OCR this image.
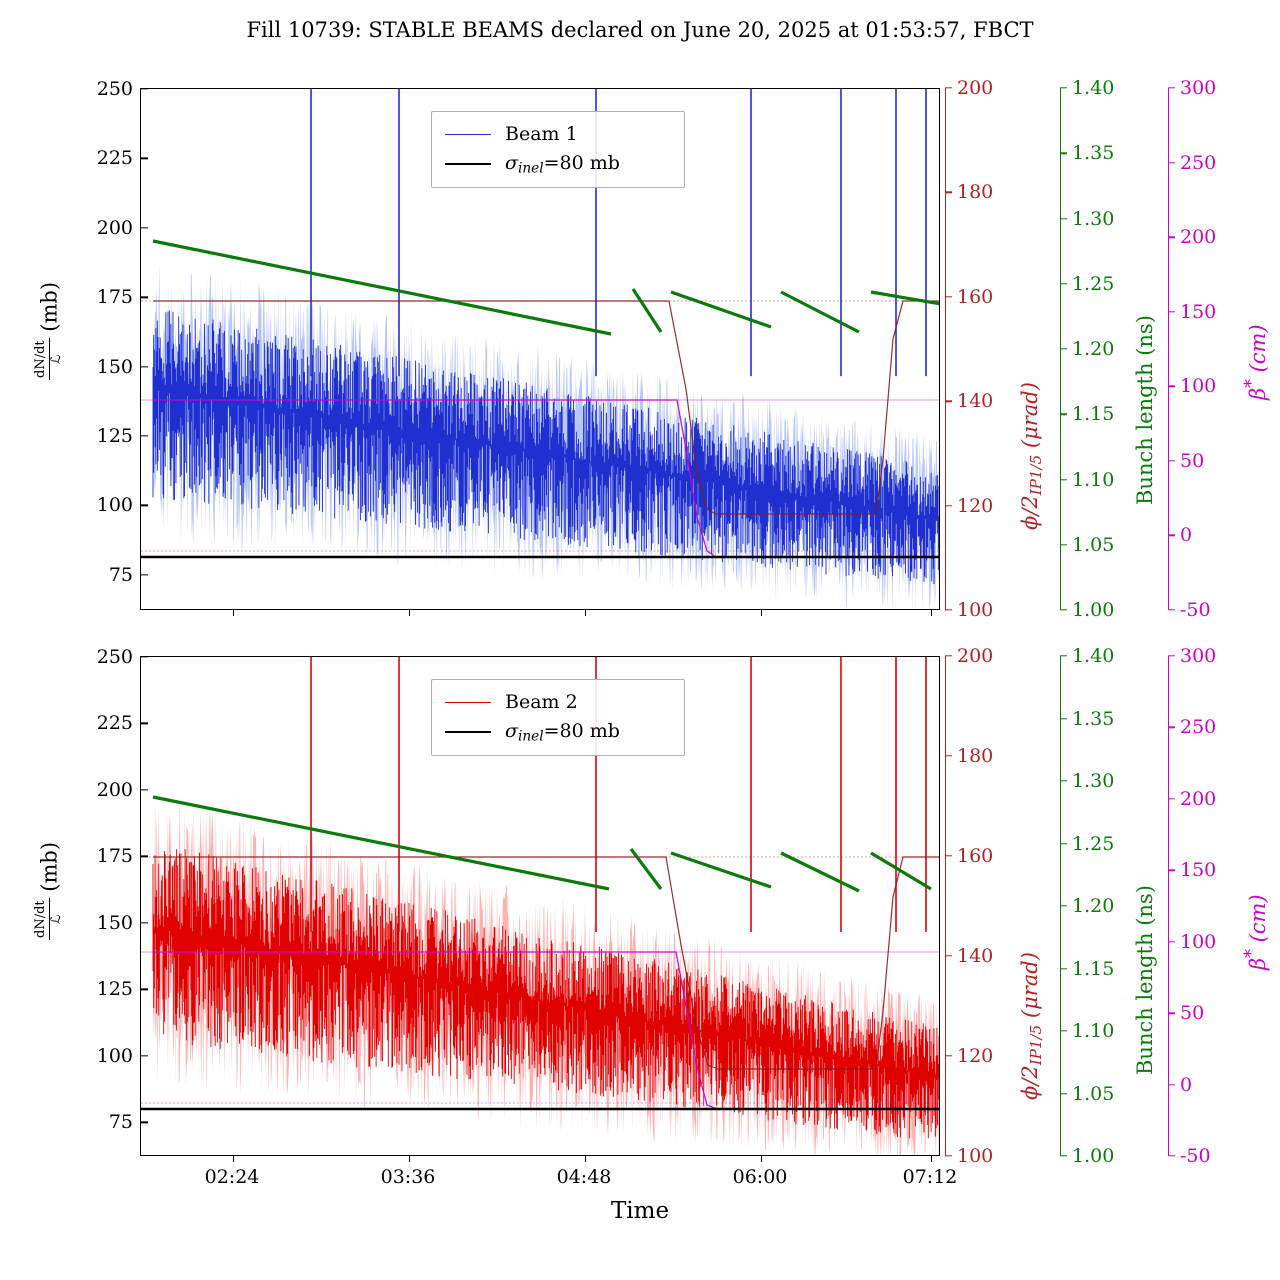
Fill 10739: STABLE BEAMS declared on June 20, 2025 at 01:53:57, FBCT
250
225
200
175
150
125
100
75
Beam 1
$\sigma_{inel}=80$ mb
dN/dt ℒ
(mb)
250
225
200
175
150
125
100
75
Beam 2
$\sigma_{inel}=80$ mb
dN/dt ℒ
(mb)
100
120
140
160
180
200
1.00
1.05
1.10
1.15
1.20
1.25
1.30
1.35
1.40
-50
0
50
100
150
200
250
300
100
120
140
160
180
200
1.00
1.05
1.10
1.15
1.20
1.25
1.30
1.35
1.40
-50
0
50
100
150
200
250
300
$\phi/2_{IP1/5}$ (μrad)
$\phi/2_{IP1/5}$ (μrad)
Bunch length (ns)
Bunch length (ns)
β* (cm)
β* (cm)
02:24	03:36	04:48	06:00	07:12
Time
